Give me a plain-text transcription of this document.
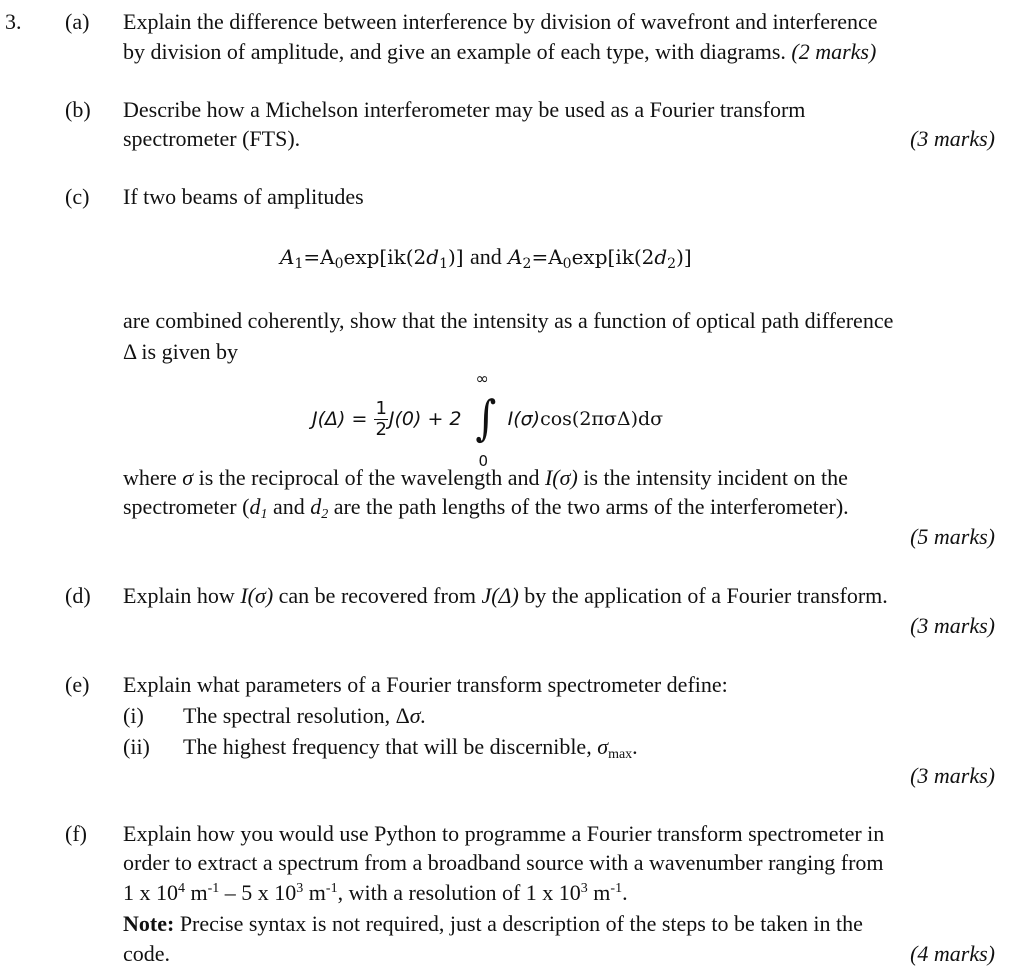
3. (a) Explain the difference between interference by division of wavefront and interference
by division of amplitude, and give an example of each type, with diagrams. (2 marks)
(b) Describe how a Michelson interferometer may be used as a Fourier transform
spectrometer (FTS).	(3 marks)
(c) If two beams of amplitudes
$A_1=A_0\exp[ik(2d_1)]$ and $A_2=A_0\exp[ik(2d_2)]$
are combined coherently, show that the intensity as a function of optical path difference
Δ is given by
$J(\Delta) = \frac{1}{2} J(0) + 2$
∞
∫
0
I(σ)cos(2πσΔ)dσ
where σ is the reciprocal of the wavelength and I(σ) is the intensity incident on the
spectrometer ($d_1$ and $d_2$ are the path lengths of the two arms of the interferometer).
(5 marks)
(d) Explain how I(σ) can be recovered from J(Δ) by the application of a Fourier transform.
(3 marks)
(e) Explain what parameters of a Fourier transform spectrometer define:
(i) The spectral resolution, Δσ.
(ii) The highest frequency that will be discernible, $\sigma_{max}$.
(3 marks)
(f) Explain how you would use Python to programme a Fourier transform spectrometer in
order to extract a spectrum from a broadband source with a wavenumber ranging from
1 x $10^4$ $m^{-1} - 5$ x $10^3$ $m^{-1}$, with a resolution of 1 x $10^3$ $m^{-1}$.
Note: Precise syntax is not required, just a description of the steps to be taken in the
code.	(4 marks)
